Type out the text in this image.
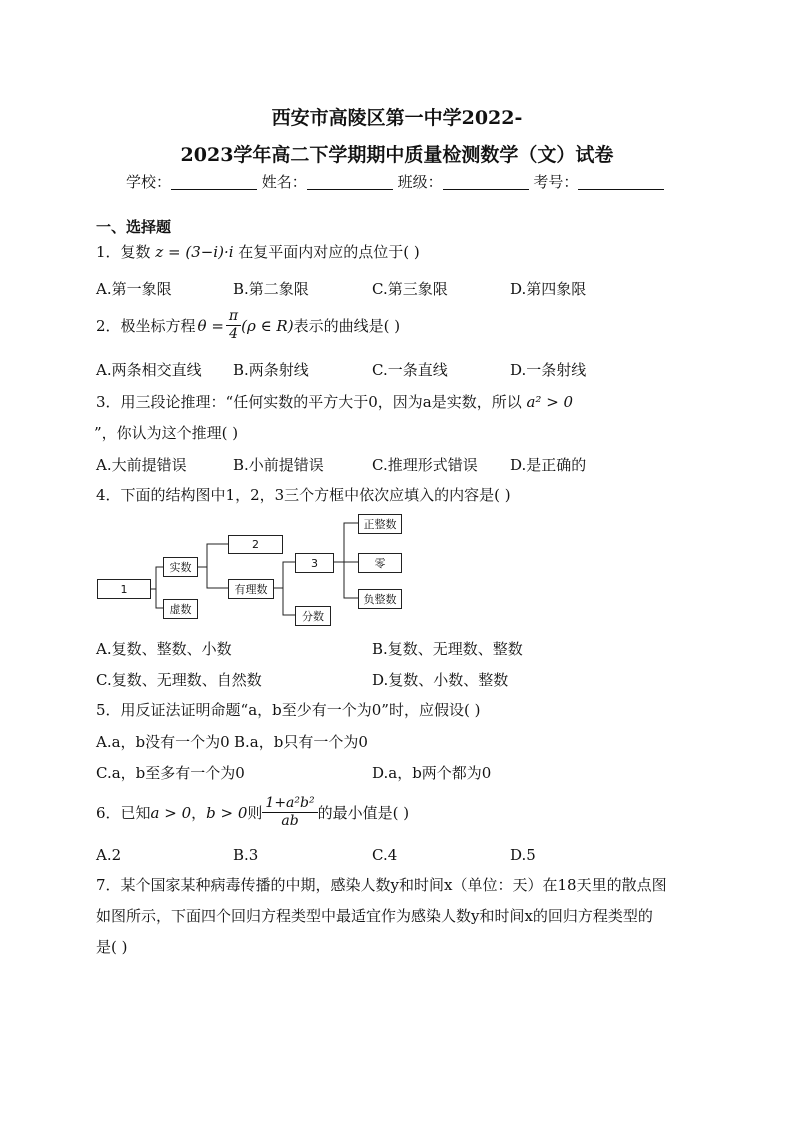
西安市高陵区第一中学2022-
2023学年高二下学期期中质量检测数学（文）试卷
学校：	姓名：	班级：	考号：
一、选择题
1．复数 z = (3−i)·i 在复平面内对应的点位于( )
A.第一象限	B.第二象限	C.第三象限	D.第四象限
2．极坐标方程 $\theta = \frac{\pi}{4} (\rho$ ∈ R) 表示的曲线是( )
A.两条相交直线 B.两条射线	C.一条直线	D.一条射线
3．用三段论推理：“任何实数的平方大于0，因为a是实数，所以 a² > 0
”，你认为这个推理( )
A.大前提错误	B.小前提错误	C.推理形式错误 D.是正确的
4．下面的结构图中1，2，3三个方框中依次应填入的内容是( )
1
实数
虚数
2
有理数
3
分数
正整数
零
负整数
A.复数、整数、小数	B.复数、无理数、整数
C.复数、无理数、自然数	D.复数、小数、整数
5．用反证法证明命题“a，b至少有一个为0”时，应假设( )
A.a，b没有一个为0 B.a，b只有一个为0
C.a，b至多有一个为0	D.a，b两个都为0
6．已知 a > 0 ， b > 0 则 $\frac{\text{1+a²b²}}{ab}$ 的最小值是( )
A.2	B.3	C.4	D.5
7．某个国家某种病毒传播的中期，感染人数y和时间x（单位：天）在18天里的散点图
如图所示，下面四个回归方程类型中最适宜作为感染人数y和时间x的回归方程类型的
是( )
